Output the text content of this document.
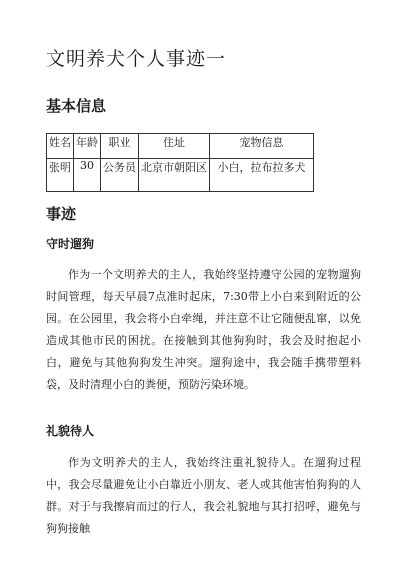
文明养犬个人事迹一
基本信息
姓名	年龄	职业	住址	宠物信息
张明	30	公务员	北京市朝阳区	小白，拉布拉多犬
事迹
守时遛狗

作为一个文明养犬的主人，我始终坚持遵守公园的宠物遛狗时间管理，每天早晨7点准时起床，7:30带上小白来到附近的公园。在公园里，我会将小白牵绳，并注意不让它随便乱窜，以免造成其他市民的困扰。在接触到其他狗狗时，我会及时抱起小白，避免与其他狗狗发生冲突。遛狗途中，我会随手携带塑料袋，及时清理小白的粪便，预防污染环境。

礼貌待人

作为文明养犬的主人，我始终注重礼貌待人。在遛狗过程中，我会尽量避免让小白靠近小朋友、老人或其他害怕狗狗的人群。对于与我擦肩而过的行人，我会礼貌地与其打招呼，避免与狗狗接触
